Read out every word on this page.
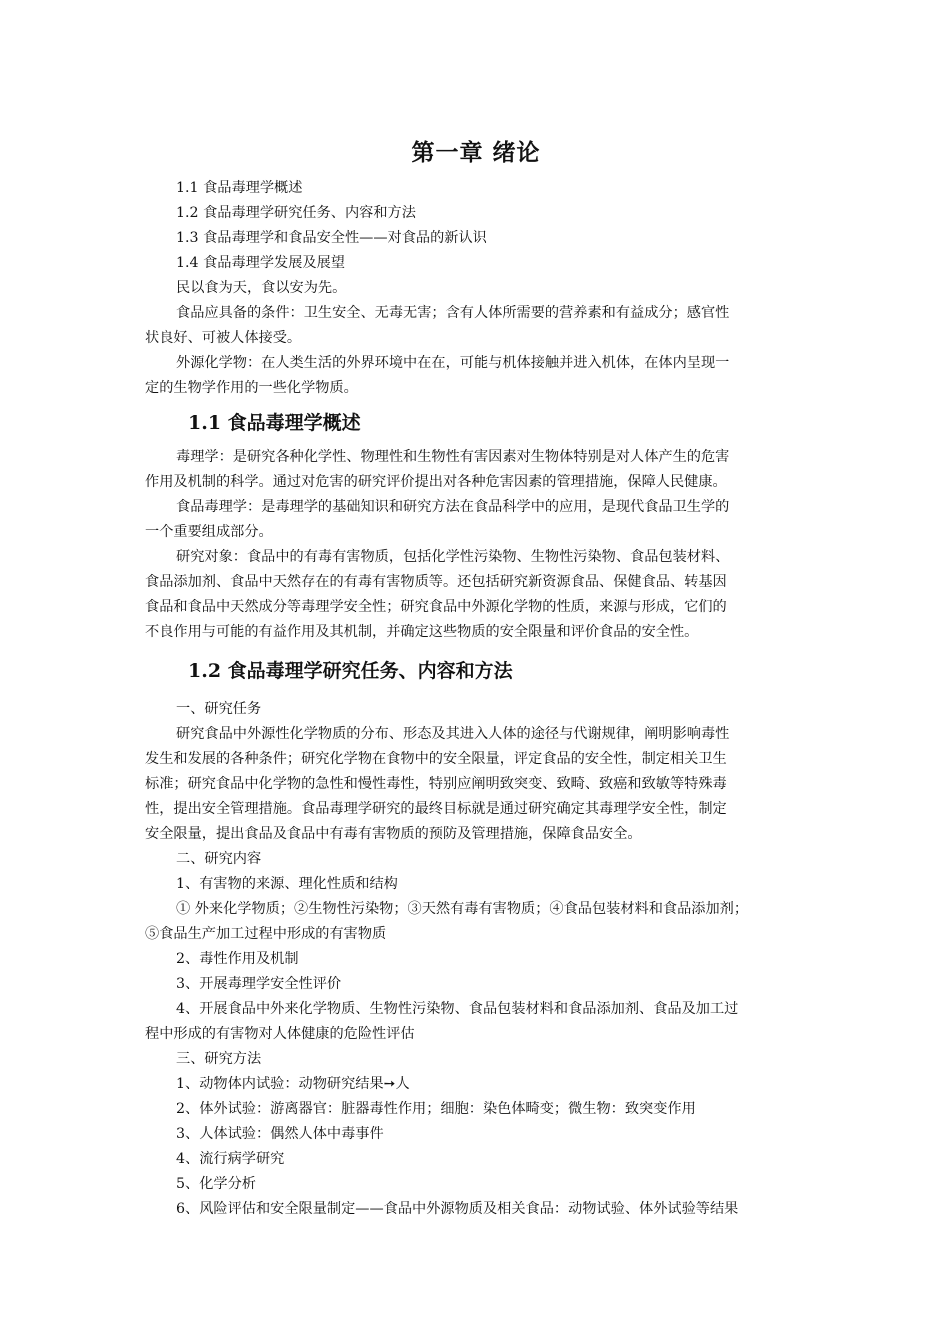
第一章 绪论

1.1 食品毒理学概述

1.2 食品毒理学研究任务、内容和方法

1.3 食品毒理学和食品安全性——对食品的新认识

1.4 食品毒理学发展及展望

民以食为天，食以安为先。

食品应具备的条件：卫生安全、无毒无害；含有人体所需要的营养素和有益成分；感官性
状良好、可被人体接受。

外源化学物：在人类生活的外界环境中在在，可能与机体接触并进入机体，在体内呈现一
定的生物学作用的一些化学物质。

1.1 食品毒理学概述

毒理学：是研究各种化学性、物理性和生物性有害因素对生物体特别是对人体产生的危害
作用及机制的科学。通过对危害的研究评价提出对各种危害因素的管理措施，保障人民健康。

食品毒理学：是毒理学的基础知识和研究方法在食品科学中的应用，是现代食品卫生学的
一个重要组成部分。

研究对象：食品中的有毒有害物质，包括化学性污染物、生物性污染物、食品包装材料、
食品添加剂、食品中天然存在的有毒有害物质等。还包括研究新资源食品、保健食品、转基因
食品和食品中天然成分等毒理学安全性；研究食品中外源化学物的性质，来源与形成，它们的
不良作用与可能的有益作用及其机制，并确定这些物质的安全限量和评价食品的安全性。

1.2 食品毒理学研究任务、内容和方法

一、研究任务

研究食品中外源性化学物质的分布、形态及其进入人体的途径与代谢规律，阐明影响毒性
发生和发展的各种条件；研究化学物在食物中的安全限量，评定食品的安全性，制定相关卫生
标准；研究食品中化学物的急性和慢性毒性，特别应阐明致突变、致畸、致癌和致敏等特殊毒
性，提出安全管理措施。食品毒理学研究的最终目标就是通过研究确定其毒理学安全性，制定
安全限量，提出食品及食品中有毒有害物质的预防及管理措施，保障食品安全。

二、研究内容

1、有害物的来源、理化性质和结构

① 外来化学物质；②生物性污染物；③天然有毒有害物质；④食品包装材料和食品添加剂；
⑤食品生产加工过程中形成的有害物质

2、毒性作用及机制

3、开展毒理学安全性评价

4、开展食品中外来化学物质、生物性污染物、食品包装材料和食品添加剂、食品及加工过
程中形成的有害物对人体健康的危险性评估

三、研究方法

1、动物体内试验：动物研究结果➙人

2、体外试验：游离器官：脏器毒性作用；细胞：染色体畸变；微生物：致突变作用

3、人体试验：偶然人体中毒事件

4、流行病学研究

5、化学分析

6、风险评估和安全限量制定——食品中外源物质及相关食品：动物试验、体外试验等结果
